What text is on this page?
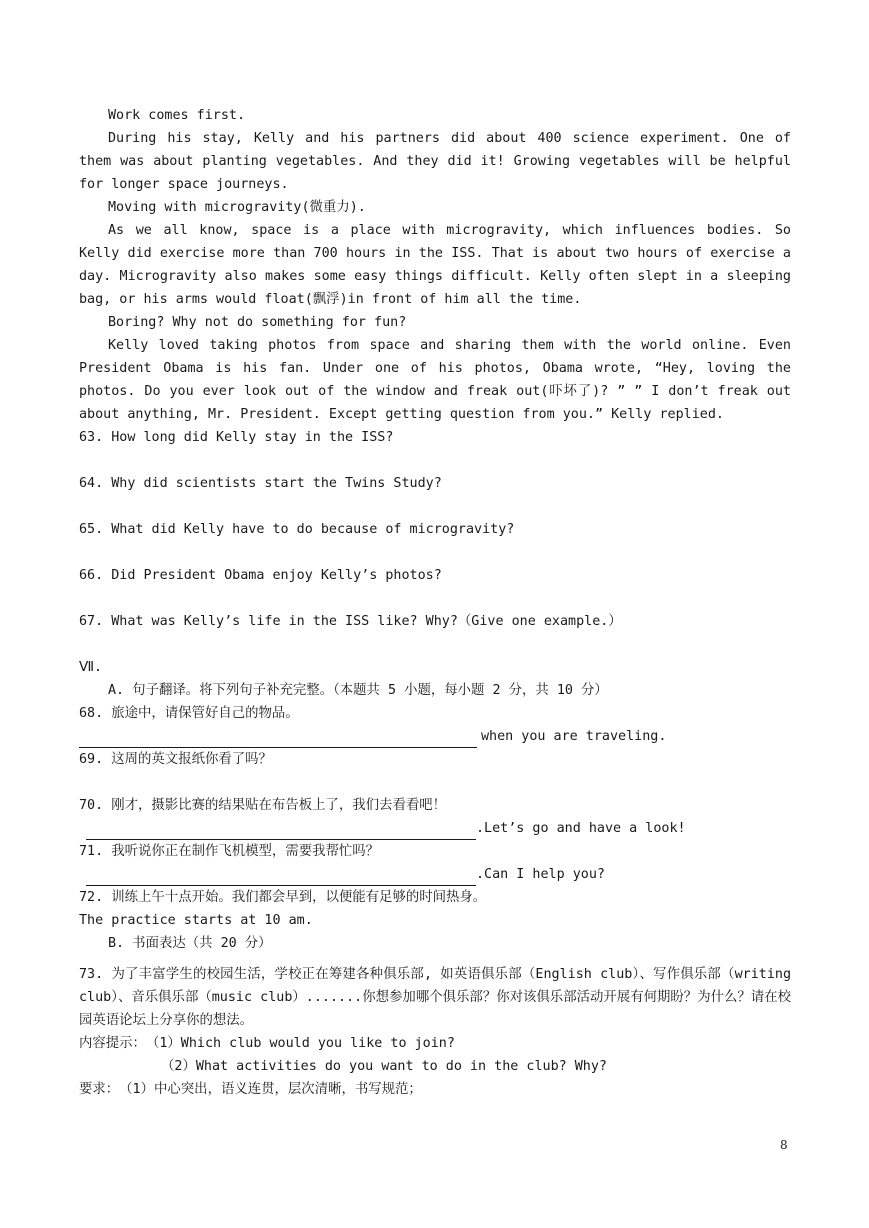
Work comes first.

During his stay, Kelly and his partners did about 400 science experiment. One of them was about planting vegetables. And they did it! Growing vegetables will be helpful for longer space journeys.

Moving with microgravity(微重力).

As we all know, space is a place with microgravity, which influences bodies. So Kelly did exercise more than 700 hours in the ISS. That is about two hours of exercise a day. Microgravity also makes some easy things difficult. Kelly often slept in a sleeping bag, or his arms would float(飘浮)in front of him all the time.

Boring? Why not do something for fun?

Kelly loved taking photos from space and sharing them with the world online. Even President Obama is his fan. Under one of his photos, Obama wrote, “Hey, loving the photos. Do you ever look out of the window and freak out(吓坏了)? ” ” I don’t freak out about anything, Mr. President. Except getting question from you.” Kelly replied.

63. How long did Kelly stay in the ISS?

64. Why did scientists start the Twins Study?

65. What did Kelly have to do because of microgravity?

66. Did President Obama enjoy Kelly’s photos?

67. What was Kelly’s life in the ISS like? Why?（Give one example.）

Ⅶ.

A. 句子翻译。将下列句子补充完整。（本题共 5 小题，每小题 2 分，共 10 分）

68. 旅途中，请保管好自己的物品。

when you are traveling.

69. 这周的英文报纸你看了吗？

70. 刚才，摄影比赛的结果贴在布告板上了，我们去看看吧！

.Let’s go and have a look!

71. 我听说你正在制作飞机模型，需要我帮忙吗？

.Can I help you?

72. 训练上午十点开始。我们都会早到，以便能有足够的时间热身。

The practice starts at 10 am.

B. 书面表达（共 20 分）

73. 为了丰富学生的校园生活，学校正在筹建各种俱乐部, 如英语俱乐部（English club）、写作俱乐部（writing club）、音乐俱乐部（music club）.......你想参加哪个俱乐部？你对该俱乐部活动开展有何期盼？为什么？请在校园英语论坛上分享你的想法。

内容提示： （1）Which club would you like to join?

（2）What activities do you want to do in the club? Why?

要求： （1）中心突出，语义连贯，层次清晰，书写规范；
8
